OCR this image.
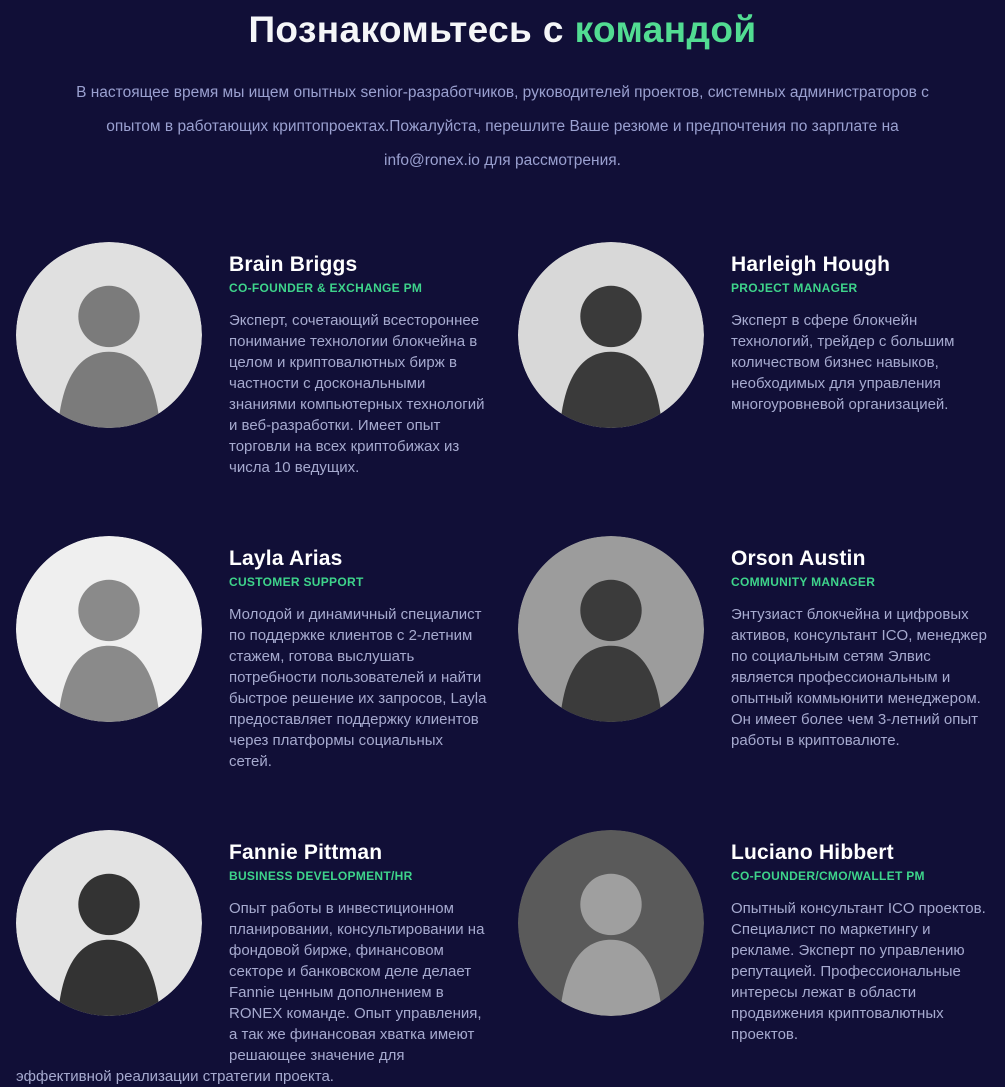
Познакомьтесь с командой

В настоящее время мы ищем опытных senior-разработчиков, руководителей проектов, системных администраторов с опытом в работающих криптопроектах.Пожалуйста, перешлите Ваше резюме и предпочтения по зарплате на info@ronex.io для рассмотрения.

Brain Briggs
CO-FOUNDER & EXCHANGE PM

Эксперт, сочетающий всестороннее понимание технологии блокчейна в целом и криптовалютных бирж в частности с доскональными знаниями компьютерных технологий и веб-разработки. Имеет опыт торговли на всех криптобижах из числа 10 ведущих.

Harleigh Hough
PROJECT MANAGER

Эксперт в сфере блокчейн технологий, трейдер с большим количеством бизнес навыков, необходимых для управления многоуровневой организацией.

Layla Arias
CUSTOMER SUPPORT

Молодой и динамичный специалист по поддержке клиентов с 2-летним стажем, готова выслушать потребности пользователей и найти быстрое решение их запросов, Layla предоставляет поддержку клиентов через платформы социальных сетей.

Orson Austin
COMMUNITY MANAGER

Энтузиаст блокчейна и цифровых активов, консультант ICO, менеджер по социальным сетям Элвис является профессиональным и опытный коммьюнити менеджером. Он имеет более чем 3-летний опыт работы в криптовалюте.

Fannie Pittman
BUSINESS DEVELOPMENT/HR

Опыт работы в инвестиционном планировании, консультировании на фондовой бирже, финансовом секторе и банковском деле делает Fannie ценным дополнением в RONEX команде. Опыт управления, а так же финансовая хватка имеют решающее значение для эффективной реализации стратегии проекта.

Luciano Hibbert
CO-FOUNDER/CMO/WALLET PM

Опытный консультант ICO проектов. Специалист по маркетингу и рекламе. Эксперт по управлению репутацией. Профессиональные интересы лежат в области продвижения криптовалютных проектов.
